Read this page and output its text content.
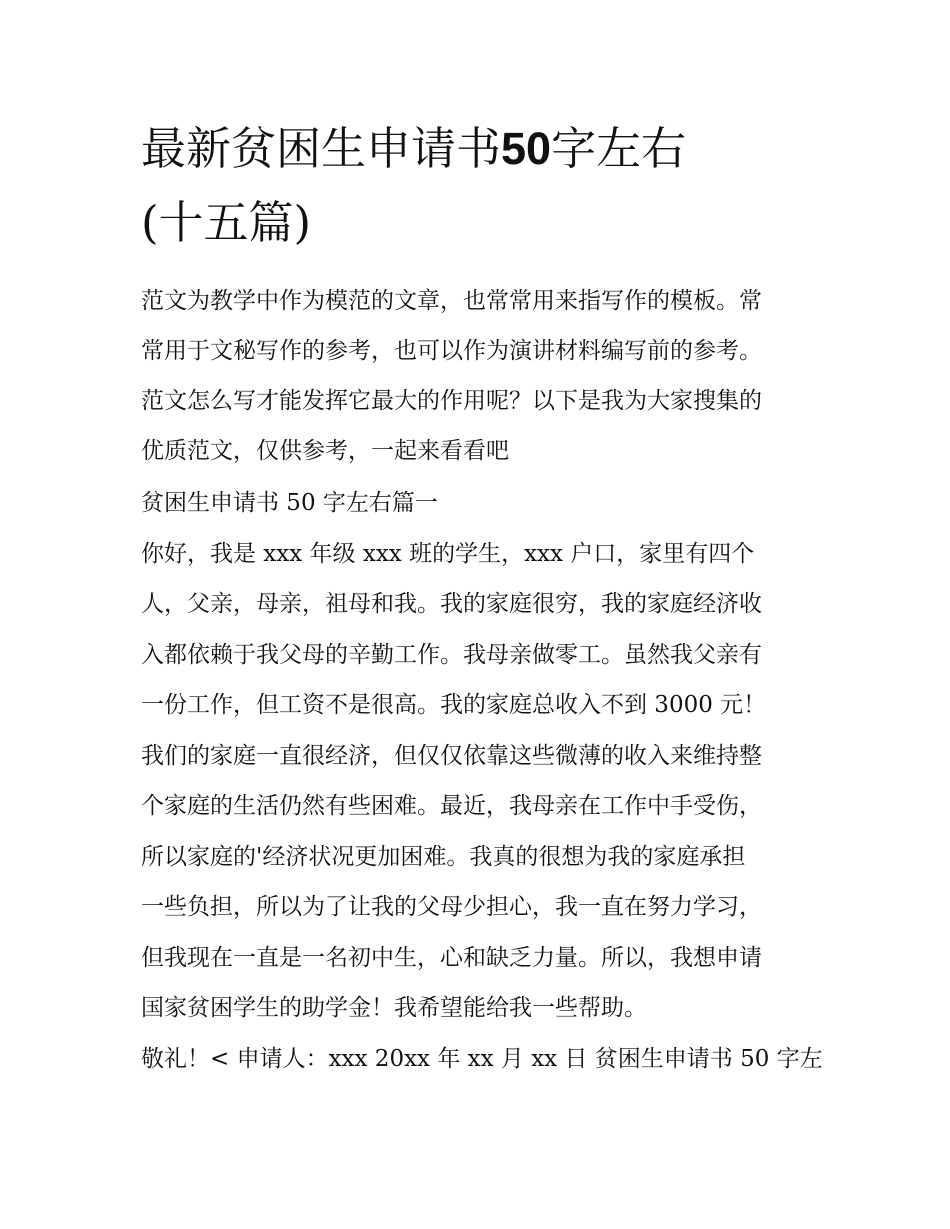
最新贫困生申请书50字左右
(十五篇)

范文为教学中作为模范的文章，也常常用来指写作的模板。常

常用于文秘写作的参考，也可以作为演讲材料编写前的参考。

范文怎么写才能发挥它最大的作用呢？以下是我为大家搜集的

优质范文，仅供参考，一起来看看吧

贫困生申请书 50 字左右篇一

你好，我是 xxx 年级 xxx 班的学生，xxx 户口，家里有四个

人，父亲，母亲，祖母和我。我的家庭很穷，我的家庭经济收

入都依赖于我父母的辛勤工作。我母亲做零工。虽然我父亲有

一份工作，但工资不是很高。我的家庭总收入不到 3000 元！

我们的家庭一直很经济，但仅仅依靠这些微薄的收入来维持整

个家庭的生活仍然有些困难。最近，我母亲在工作中手受伤，

所以家庭的'经济状况更加困难。我真的很想为我的家庭承担

一些负担，所以为了让我的父母少担心，我一直在努力学习，

但我现在一直是一名初中生，心和缺乏力量。所以，我想申请

国家贫困学生的助学金！我希望能给我一些帮助。

敬礼！< 申请人：xxx 20xx 年 xx 月 xx 日 贫困生申请书 50 字左
